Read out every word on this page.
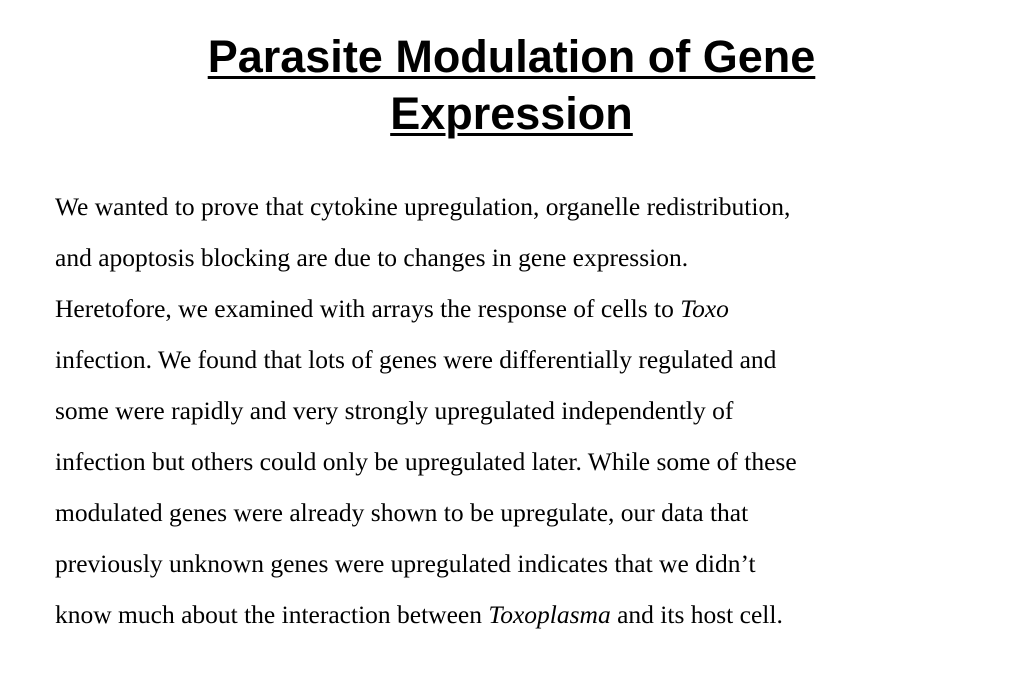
Parasite Modulation of Gene
Expression
We wanted to prove that cytokine upregulation, organelle redistribution,
and apoptosis blocking are due to changes in gene expression.
Heretofore, we examined with arrays the response of cells to Toxo
infection. We found that lots of genes were differentially regulated and
some were rapidly and very strongly upregulated independently of
infection but others could only be upregulated later. While some of these
modulated genes were already shown to be upregulate, our data that
previously unknown genes were upregulated indicates that we didn’t
know much about the interaction between Toxoplasma and its host cell.
